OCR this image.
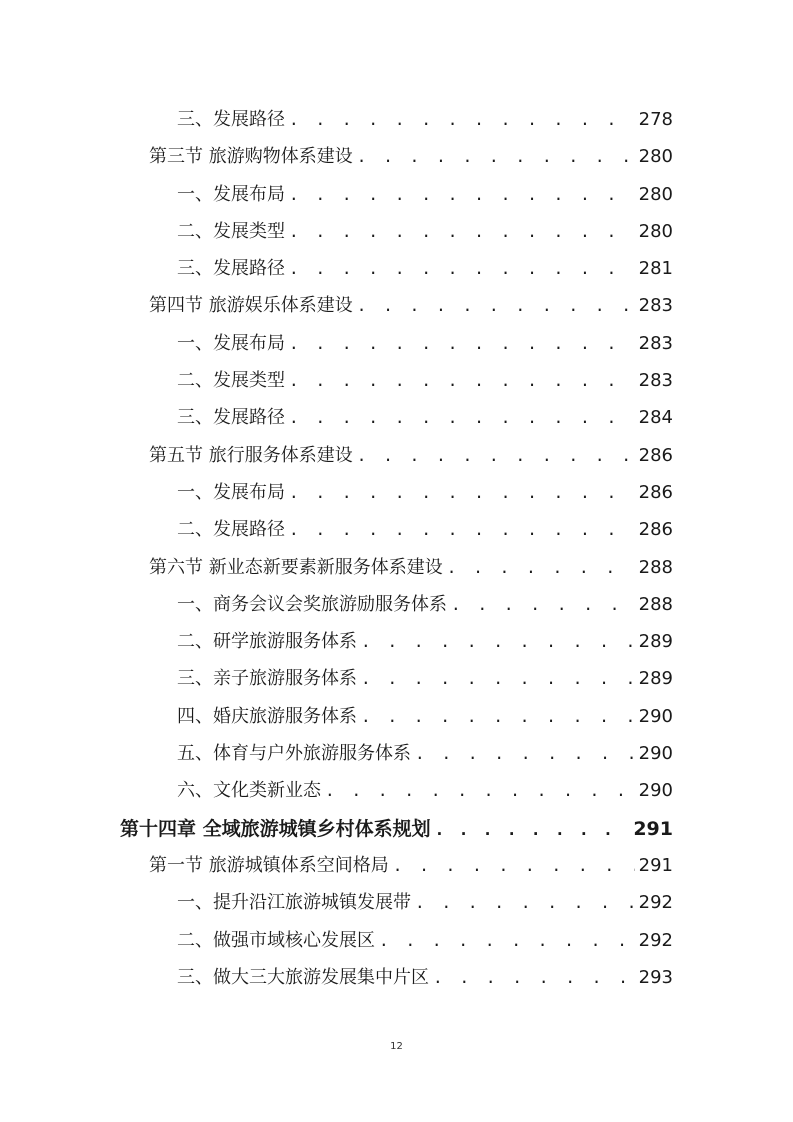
三、发展路径 . . .	278
第三节 旅游购物体系建设 . . .	280
一、发展布局 . . .	280
二、发展类型 . . .	280
三、发展路径 . . .	281
第四节 旅游娱乐体系建设 . . .	283
一、发展布局 . . .	283
二、发展类型 . . .	283
三、发展路径 . . .	284
第五节 旅行服务体系建设 . . .	286
一、发展布局 . . .	286
二、发展路径 . . .	286
第六节 新业态新要素新服务体系建设 . . .	288
一、商务会议会奖旅游励服务体系 . . .	288
二、研学旅游服务体系 . . .	289
三、亲子旅游服务体系 . . .	289
四、婚庆旅游服务体系 . . .	290
五、体育与户外旅游服务体系 . . .	290
六、文化类新业态 . . .	290
第十四章 全域旅游城镇乡村体系规划 . . .	291
第一节 旅游城镇体系空间格局 . . .	291
一、提升沿江旅游城镇发展带 . . .	292
二、做强市域核心发展区 . . .	292
三、做大三大旅游发展集中片区 . . .	293
12
